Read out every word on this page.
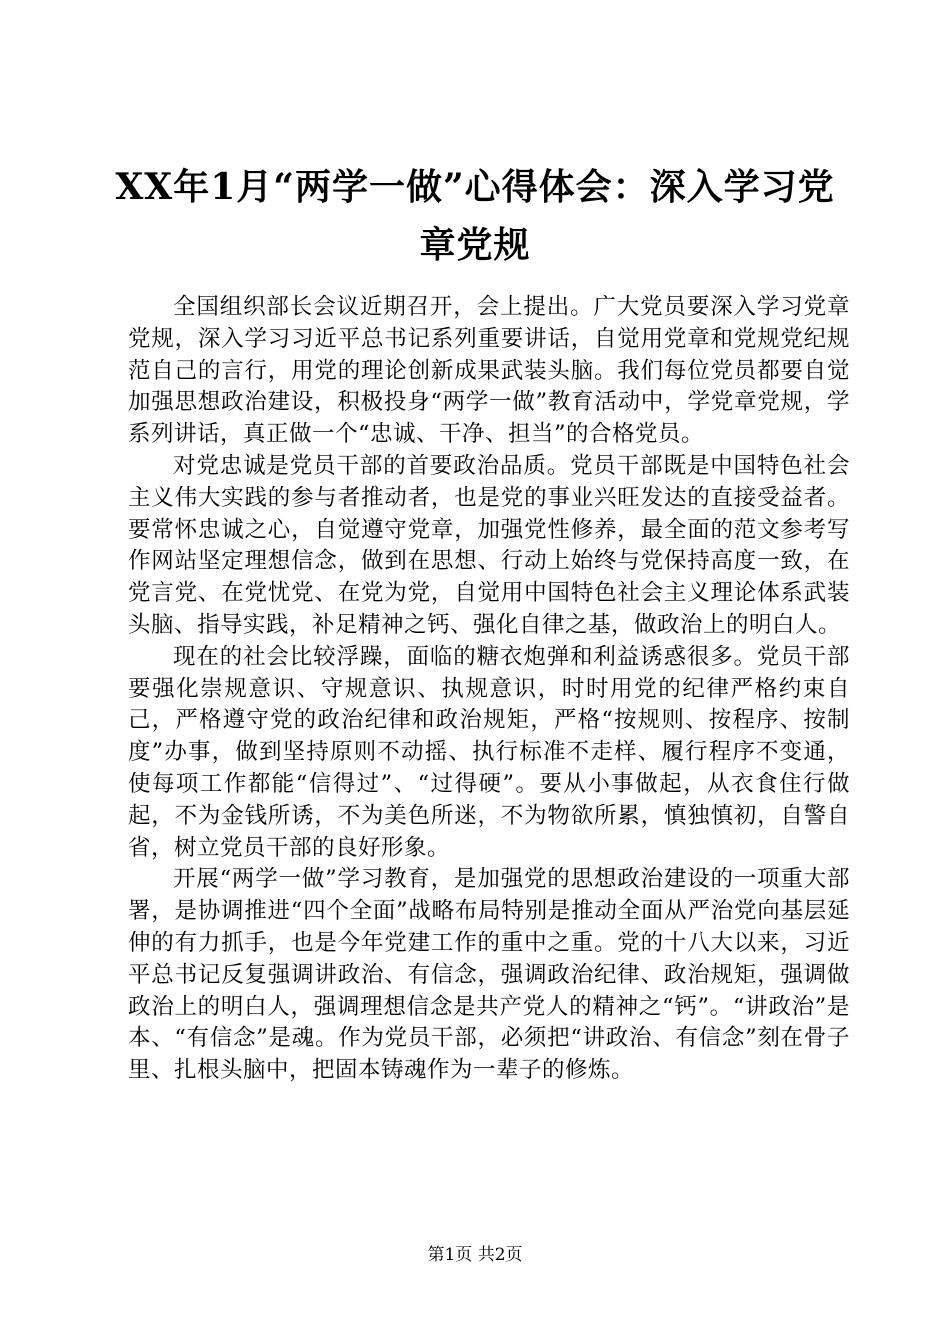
XX年1月“两学一做”心得体会：深入学习党章党规

全国组织部长会议近期召开，会上提出。广大党员要深入学习党章党规，深入学习习近平总书记系列重要讲话，自觉用党章和党规党纪规范自己的言行，用党的理论创新成果武装头脑。我们每位党员都要自觉加强思想政治建设，积极投身“两学一做”教育活动中，学党章党规，学系列讲话，真正做一个“忠诚、干净、担当”的合格党员。

对党忠诚是党员干部的首要政治品质。党员干部既是中国特色社会主义伟大实践的参与者推动者，也是党的事业兴旺发达的直接受益者。要常怀忠诚之心，自觉遵守党章，加强党性修养，最全面的范文参考写作网站坚定理想信念，做到在思想、行动上始终与党保持高度一致，在党言党、在党忧党、在党为党，自觉用中国特色社会主义理论体系武装头脑、指导实践，补足精神之钙、强化自律之基，做政治上的明白人。

现在的社会比较浮躁，面临的糖衣炮弹和利益诱惑很多。党员干部要强化崇规意识、守规意识、执规意识，时时用党的纪律严格约束自己，严格遵守党的政治纪律和政治规矩，严格“按规则、按程序、按制度”办事，做到坚持原则不动摇、执行标准不走样、履行程序不变通，使每项工作都能“信得过”、“过得硬”。要从小事做起，从衣食住行做起，不为金钱所诱，不为美色所迷，不为物欲所累，慎独慎初，自警自省，树立党员干部的良好形象。

开展“两学一做”学习教育，是加强党的思想政治建设的一项重大部署，是协调推进“四个全面”战略布局特别是推动全面从严治党向基层延伸的有力抓手，也是今年党建工作的重中之重。党的十八大以来，习近平总书记反复强调讲政治、有信念，强调政治纪律、政治规矩，强调做政治上的明白人，强调理想信念是共产党人的精神之“钙”。“讲政治”是本、“有信念”是魂。作为党员干部，必须把“讲政治、有信念”刻在骨子里、扎根头脑中，把固本铸魂作为一辈子的修炼。

第1页 共2页
